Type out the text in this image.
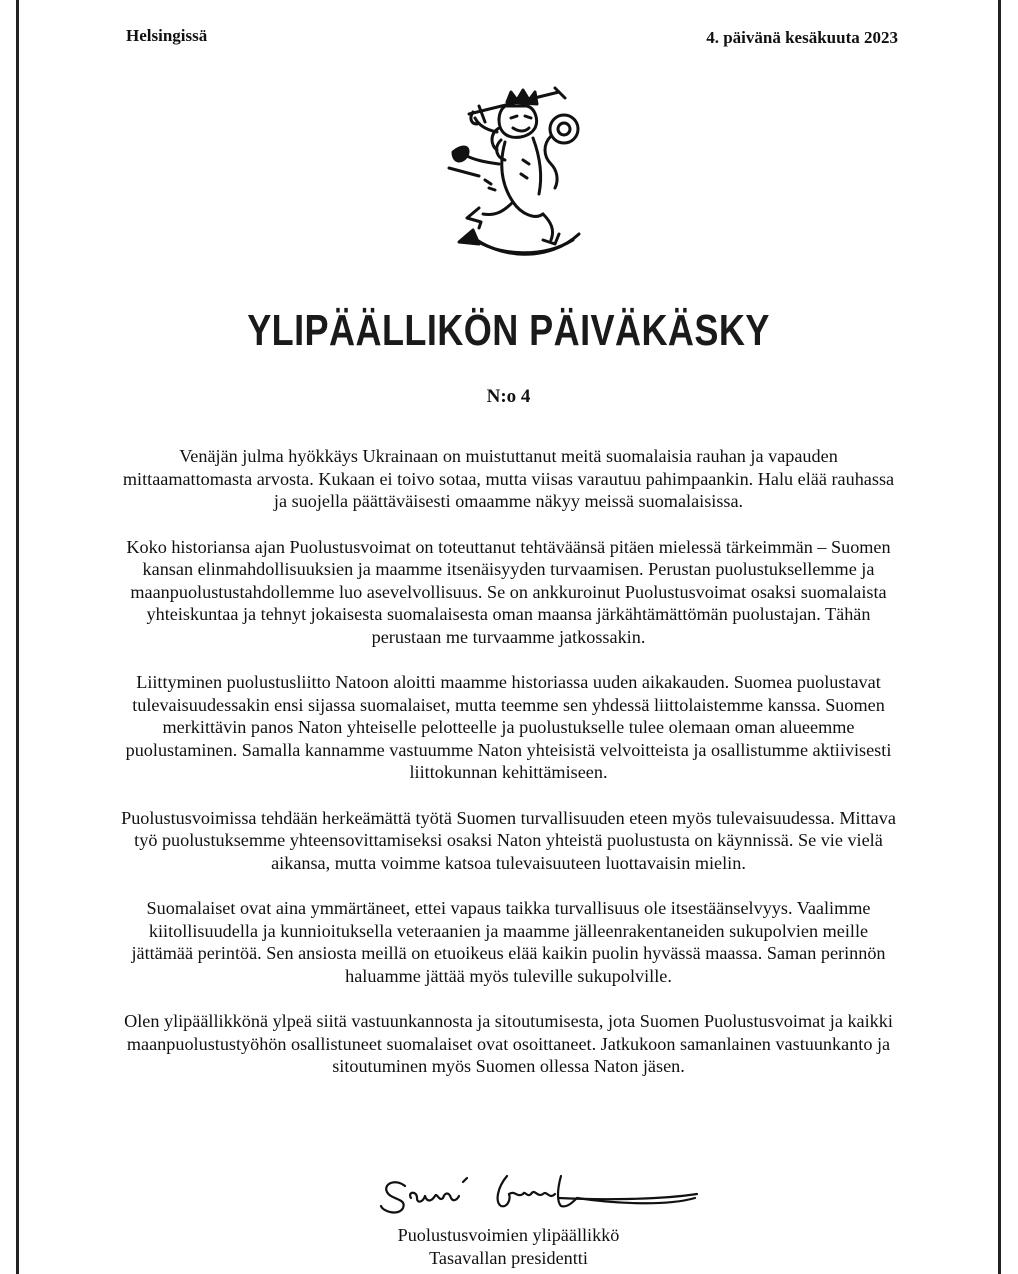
Helsingissä	4. päivänä kesäkuuta 2023
YLIPÄÄLLIKÖN PÄIVÄKÄSKY
N:o 4

Venäjän julma hyökkäys Ukrainaan on muistuttanut meitä suomalaisia rauhan ja vapauden mittaamattomasta arvosta. Kukaan ei toivo sotaa, mutta viisas varautuu pahimpaankin. Halu elää rauhassa ja suojella päättäväisesti omaamme näkyy meissä suomalaisissa.

Koko historiansa ajan Puolustusvoimat on toteuttanut tehtäväänsä pitäen mielessä tärkeimmän – Suomen kansan elinmahdollisuuksien ja maamme itsenäisyyden turvaamisen. Perustan puolustuksellemme ja maanpuolustustahdollemme luo asevelvollisuus. Se on ankkuroinut Puolustusvoimat osaksi suomalaista yhteiskuntaa ja tehnyt jokaisesta suomalaisesta oman maansa järkähtämättömän puolustajan. Tähän perustaan me turvaamme jatkossakin.

Liittyminen puolustusliitto Natoon aloitti maamme historiassa uuden aikakauden. Suomea puolustavat tulevaisuudessakin ensi sijassa suomalaiset, mutta teemme sen yhdessä liittolaistemme kanssa. Suomen merkittävin panos Naton yhteiselle pelotteelle ja puolustukselle tulee olemaan oman alueemme puolustaminen. Samalla kannamme vastuumme Naton yhteisistä velvoitteista ja osallistumme aktiivisesti liittokunnan kehittämiseen.

Puolustusvoimissa tehdään herkeämättä työtä Suomen turvallisuuden eteen myös tulevaisuudessa. Mittava työ puolustuksemme yhteensovittamiseksi osaksi Naton yhteistä puolustusta on käynnissä. Se vie vielä aikansa, mutta voimme katsoa tulevaisuuteen luottavaisin mielin.

Suomalaiset ovat aina ymmärtäneet, ettei vapaus taikka turvallisuus ole itsestäänselvyys. Vaalimme kiitollisuudella ja kunnioituksella veteraanien ja maamme jälleenrakentaneiden sukupolvien meille jättämää perintöä. Sen ansiosta meillä on etuoikeus elää kaikin puolin hyvässä maassa. Saman perinnön haluamme jättää myös tuleville sukupolville.

Olen ylipäällikkönä ylpeä siitä vastuunkannosta ja sitoutumisesta, jota Suomen Puolustusvoimat ja kaikki maanpuolustustyöhön osallistuneet suomalaiset ovat osoittaneet. Jatkukoon samanlainen vastuunkanto ja sitoutuminen myös Suomen ollessa Naton jäsen.

Puolustusvoimien ylipäällikkö
Tasavallan presidentti
